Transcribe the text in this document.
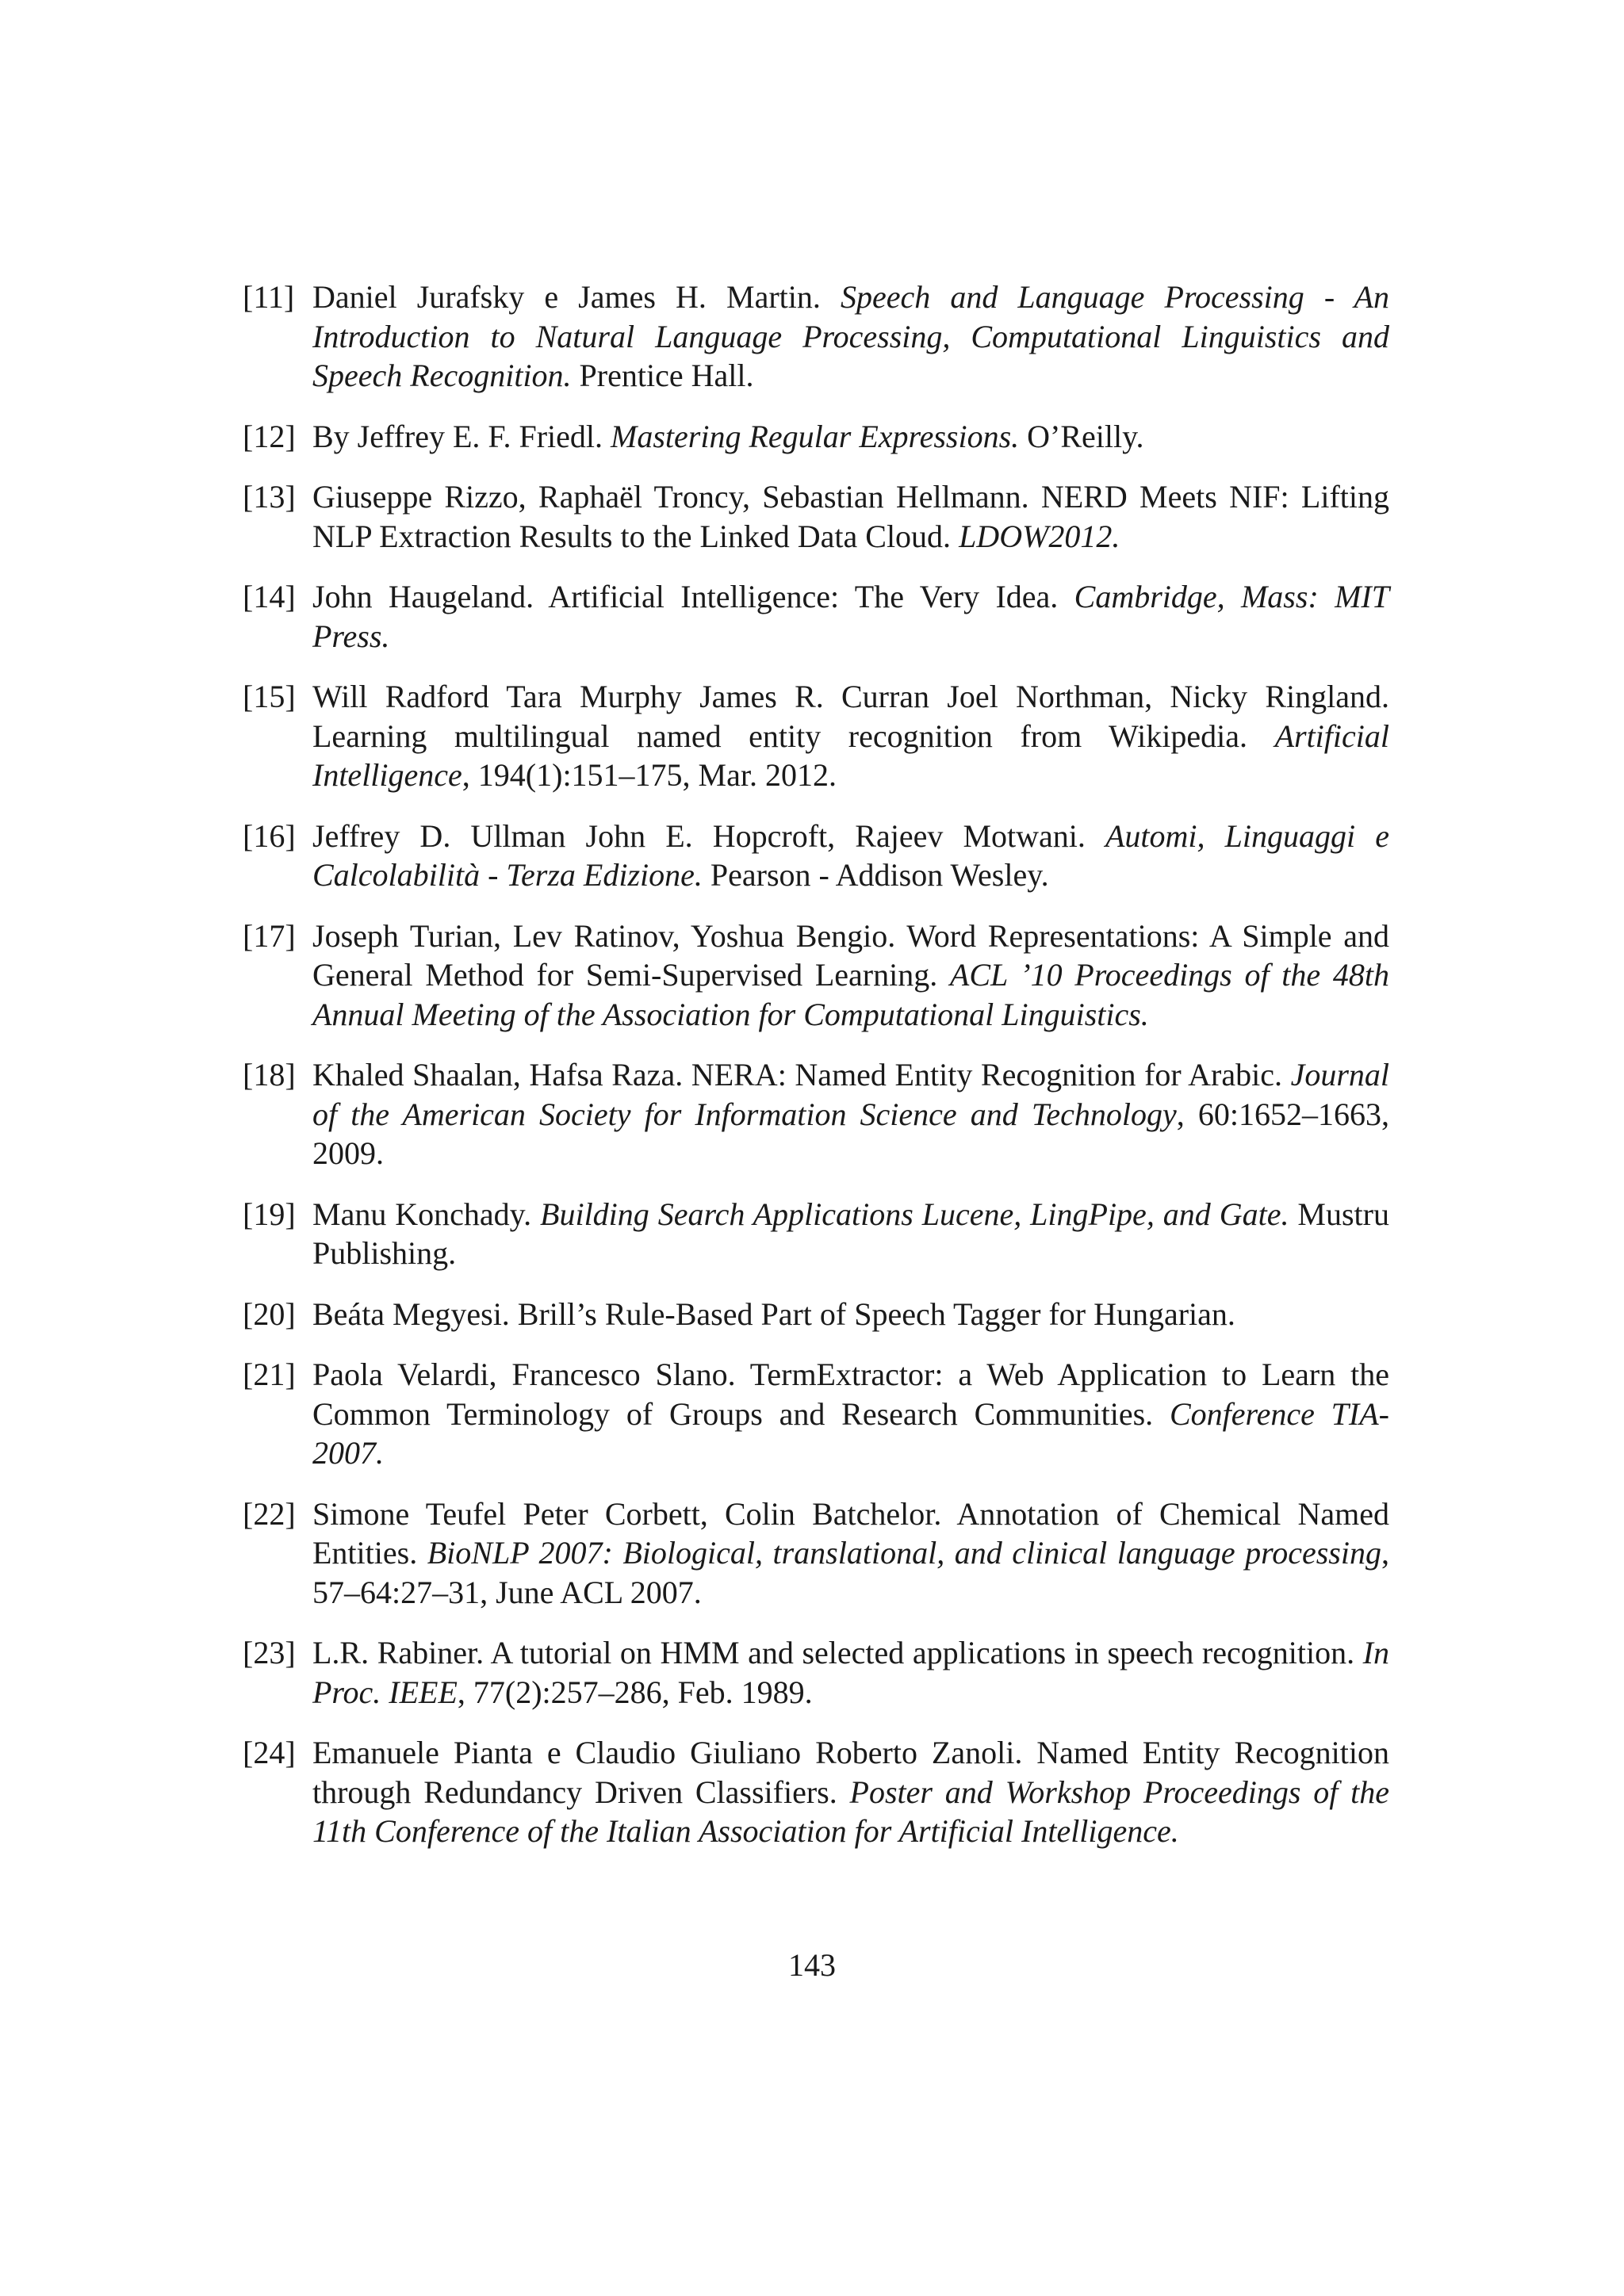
[11] Daniel Jurafsky e James H. Martin. Speech and Language Processing - An Introduction to Natural Language Processing, Computational Linguistics and Speech Recognition. Prentice Hall.
[12] By Jeffrey E. F. Friedl. Mastering Regular Expressions. O’Reilly.
[13] Giuseppe Rizzo, Raphaël Troncy, Sebastian Hellmann. NERD Meets NIF: Lifting NLP Extraction Results to the Linked Data Cloud. LDOW2012.
[14] John Haugeland. Artificial Intelligence: The Very Idea. Cambridge, Mass: MIT Press.
[15] Will Radford Tara Murphy James R. Curran Joel Northman, Nicky Ringland. Learning multilingual named entity recognition from Wikipedia. Artificial Intelligence, 194(1):151–175, Mar. 2012.
[16] Jeffrey D. Ullman John E. Hopcroft, Rajeev Motwani. Automi, Linguaggi e Calcolabilità - Terza Edizione. Pearson - Addison Wesley.
[17] Joseph Turian, Lev Ratinov, Yoshua Bengio. Word Representations: A Simple and General Method for Semi-Supervised Learning. ACL ’10 Proceedings of the 48th Annual Meeting of the Association for Computational Linguistics.
[18] Khaled Shaalan, Hafsa Raza. NERA: Named Entity Recognition for Arabic. Journal of the American Society for Information Science and Technology, 60:1652–1663, 2009.
[19] Manu Konchady. Building Search Applications Lucene, LingPipe, and Gate. Mustru Publishing.
[20] Beáta Megyesi. Brill’s Rule-Based Part of Speech Tagger for Hungarian.
[21] Paola Velardi, Francesco Slano. TermExtractor: a Web Application to Learn the Common Terminology of Groups and Research Communities. Conference TIA-2007.
[22] Simone Teufel Peter Corbett, Colin Batchelor. Annotation of Chemical Named Entities. BioNLP 2007: Biological, translational, and clinical language processing, 57–64:27–31, June ACL 2007.
[23] L.R. Rabiner. A tutorial on HMM and selected applications in speech recognition. In Proc. IEEE, 77(2):257–286, Feb. 1989.
[24] Emanuele Pianta e Claudio Giuliano Roberto Zanoli. Named Entity Recognition through Redundancy Driven Classifiers. Poster and Workshop Proceedings of the 11th Conference of the Italian Association for Artificial Intelligence.
143
